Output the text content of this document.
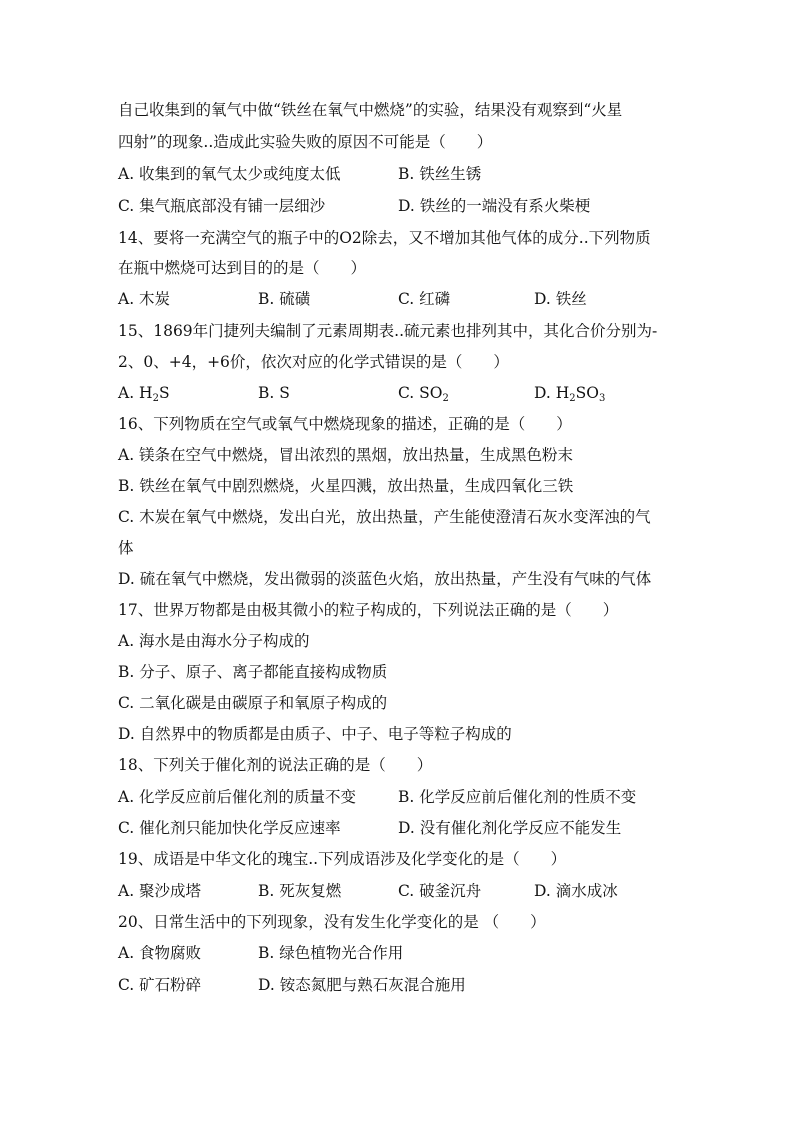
自己收集到的氧气中做“铁丝在氧气中燃烧”的实验，结果没有观察到“火星
四射”的现象..造成此实验失败的原因不可能是（　　）
A. 收集到的氧气太少或纯度太低	B. 铁丝生锈
C. 集气瓶底部没有铺一层细沙	D. 铁丝的一端没有系火柴梗
14、要将一充满空气的瓶子中的O2除去，又不增加其他气体的成分..下列物质
在瓶中燃烧可达到目的的是（　　）
A. 木炭	B. 硫磺	C. 红磷	D. 铁丝
15、1869年门捷列夫编制了元素周期表..硫元素也排列其中，其化合价分别为-
2、0、+4，+6价，依次对应的化学式错误的是（　　）
A. $H_2S$	B. S	C. $SO_2$	D. $H_2SO_3$
16、下列物质在空气或氧气中燃烧现象的描述，正确的是（　　）
A. 镁条在空气中燃烧，冒出浓烈的黑烟，放出热量，生成黑色粉末
B. 铁丝在氧气中剧烈燃烧，火星四溅，放出热量，生成四氧化三铁
C. 木炭在氧气中燃烧，发出白光，放出热量，产生能使澄清石灰水变浑浊的气
体
D. 硫在氧气中燃烧，发出微弱的淡蓝色火焰，放出热量，产生没有气味的气体
17、世界万物都是由极其微小的粒子构成的，下列说法正确的是（　　）
A. 海水是由海水分子构成的
B. 分子、原子、离子都能直接构成物质
C. 二氧化碳是由碳原子和氧原子构成的
D. 自然界中的物质都是由质子、中子、电子等粒子构成的
18、下列关于催化剂的说法正确的是（　　）
A. 化学反应前后催化剂的质量不变	B. 化学反应前后催化剂的性质不变
C. 催化剂只能加快化学反应速率	D. 没有催化剂化学反应不能发生
19、成语是中华文化的瑰宝..下列成语涉及化学变化的是（　　）
A. 聚沙成塔	B. 死灰复燃	C. 破釜沉舟	D. 滴水成冰
20、日常生活中的下列现象，没有发生化学变化的是 （　　）
A. 食物腐败	B. 绿色植物光合作用
C. 矿石粉碎	D. 铵态氮肥与熟石灰混合施用
